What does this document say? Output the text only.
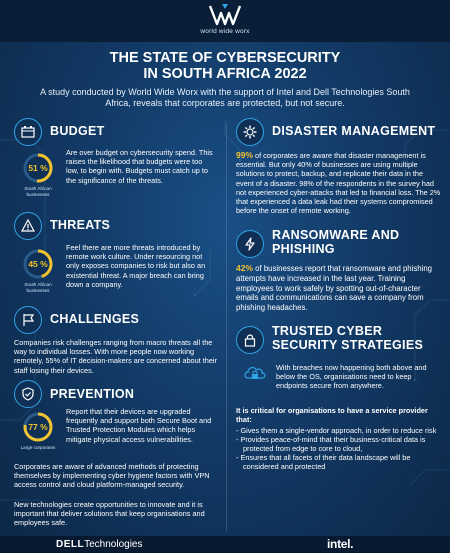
world wide worx
THE STATE OF CYBERSECURITY
IN SOUTH AFRICA 2022
A study conducted by World Wide Worx with the support of Intel and Dell Technologies South Africa, reveals that corporates are protected, but not secure.
BUDGET
51 %
South African businesses
Are over budget on cybersecurity spend. This raises the likelihood that budgets were too low, to begin with. Budgets must catch up to the significance of the threats.
THREATS
45 %
South African businesses
Feel there are more threats introduced by remote work culture. Under resourcing not only exposes companies to risk but also an existential threat. A major breach can bring down a company.
CHALLENGES
Companies risk challenges ranging from macro threats all the way to individual losses. With more people now working remotely, 55% of IT decision-makers are concerned about their staff losing their devices.
PREVENTION
77 %
Large corporates
Report that their devices are upgraded frequently and support both Secure Boot and Trusted Protection Modules which helps mitigate physical access vulnerabilities.
Corporates are aware of advanced methods of protecting themselves by implementing cyber hygiene factors with VPN access control and cloud platform-managed security.
New technologies create opportunities to innovate and it is important that deliver solutions that keep organisations and employees safe.
DISASTER MANAGEMENT
99% of corporates are aware that disaster management is essential. But only 40% of businesses are using multiple solutions to protect, backup, and replicate their data in the event of a disaster. 98% of the respondents in the survey had not experienced cyber-attacks that led to financial loss. The 2% that experienced a data leak had their systems compromised before the onset of remote working.
RANSOMWARE AND
PHISHING
42% of businesses report that ransomware and phishing attempts have increased in the last year. Training employees to work safely by spotting out-of-character emails and communications can save a company from phishing headaches.
TRUSTED CYBER
SECURITY STRATEGIES
With breaches now happening both above and below the OS, organisations need to keep endpoints secure from anywhere.
It is critical for organisations to have a service provider that:
- Gives them a single-vendor approach, in order to reduce risk
- Provides peace-of-mind that their business-critical data is
protected from edge to core to cloud,
- Ensures that all facets of their data landscape will be
considered and protected
DELLTechnologies	intel.
